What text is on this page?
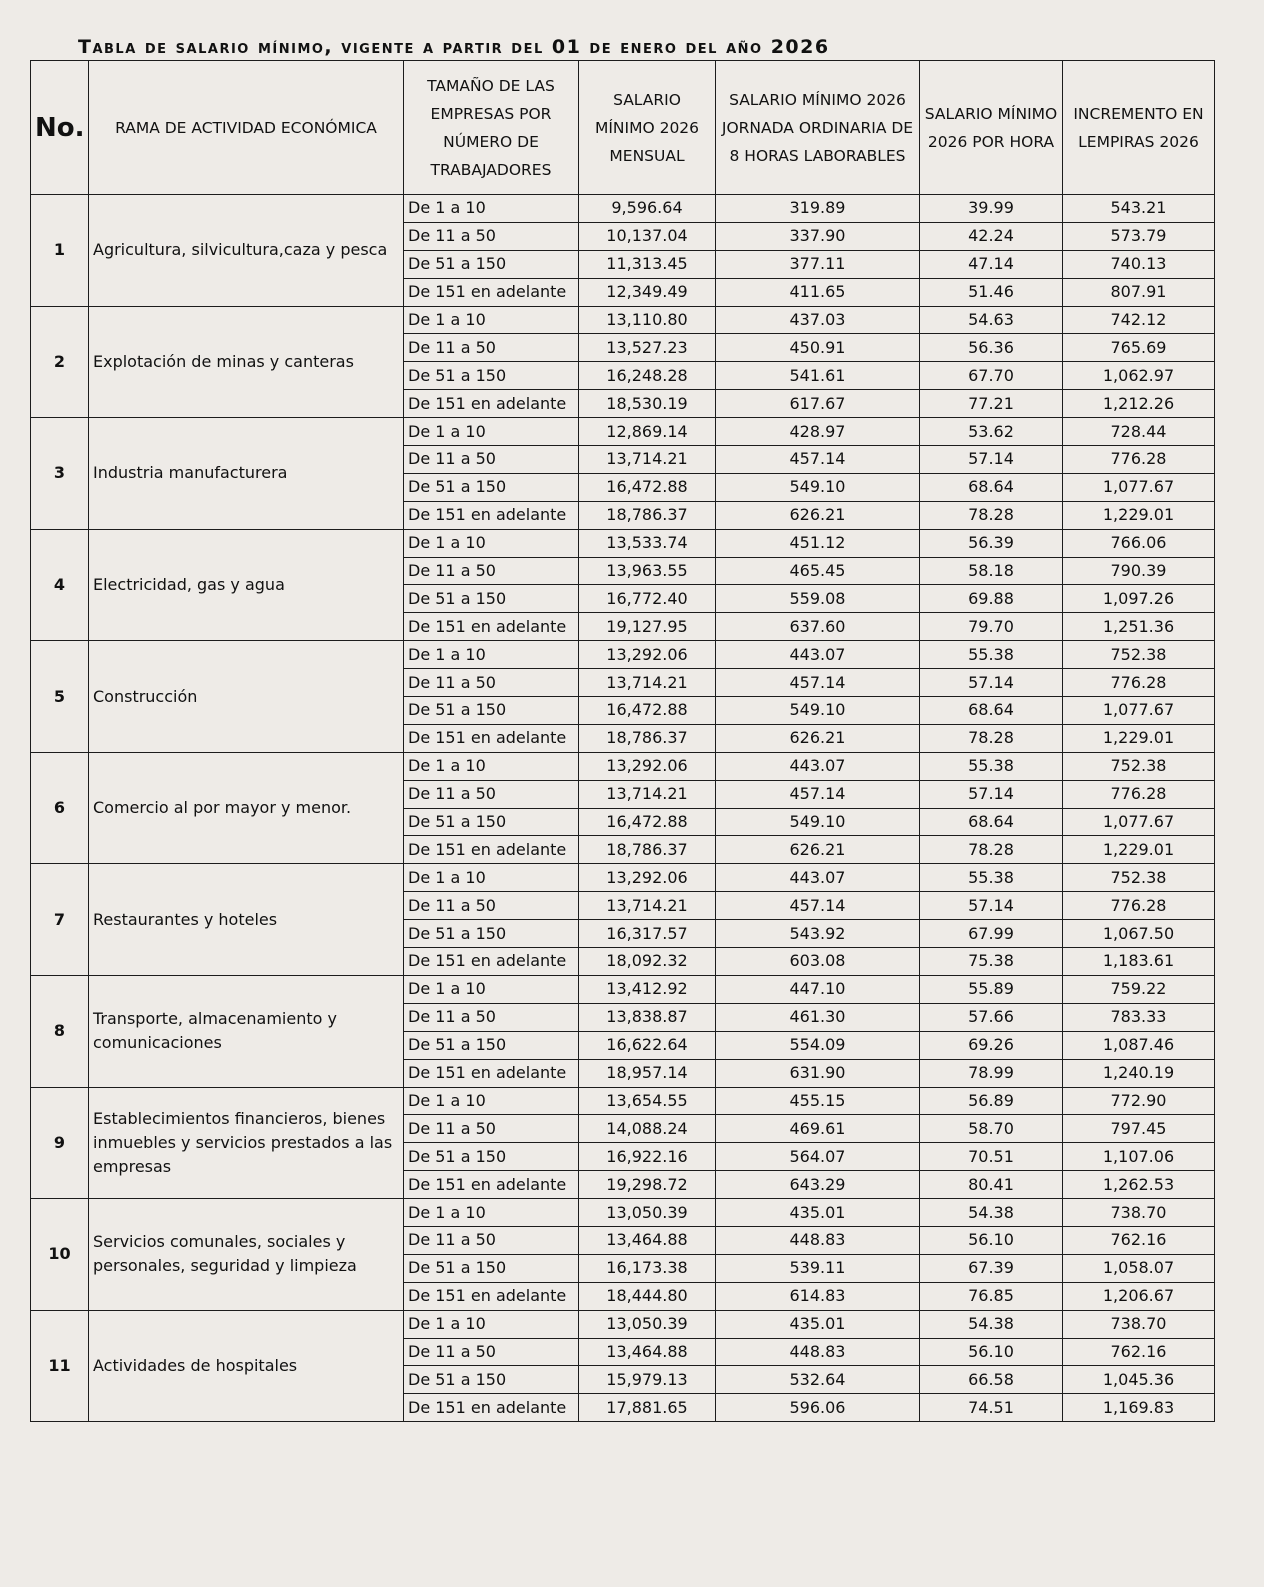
Tabla de salario mínimo, vigente a partir del 01 de enero del año 2026
No.	RAMA DE ACTIVIDAD ECONÓMICA	TAMAÑO DE LAS EMPRESAS POR NÚMERO DE TRABAJADORES	SALARIO MÍNIMO 2026 MENSUAL	SALARIO MÍNIMO 2026 JORNADA ORDINARIA DE 8 HORAS LABORABLES	SALARIO MÍNIMO 2026 POR HORA	INCREMENTO EN LEMPIRAS 2026
1	Agricultura, silvicultura,caza y pesca	De 1 a 10	9,596.64	319.89	39.99	543.21
		De 11 a 50	10,137.04	337.90	42.24	573.79
		De 51 a 150	11,313.45	377.11	47.14	740.13
		De 151 en adelante	12,349.49	411.65	51.46	807.91
2	Explotación de minas y canteras	De 1 a 10	13,110.80	437.03	54.63	742.12
		De 11 a 50	13,527.23	450.91	56.36	765.69
		De 51 a 150	16,248.28	541.61	67.70	1,062.97
		De 151 en adelante	18,530.19	617.67	77.21	1,212.26
3	Industria manufacturera	De 1 a 10	12,869.14	428.97	53.62	728.44
		De 11 a 50	13,714.21	457.14	57.14	776.28
		De 51 a 150	16,472.88	549.10	68.64	1,077.67
		De 151 en adelante	18,786.37	626.21	78.28	1,229.01
4	Electricidad, gas y agua	De 1 a 10	13,533.74	451.12	56.39	766.06
		De 11 a 50	13,963.55	465.45	58.18	790.39
		De 51 a 150	16,772.40	559.08	69.88	1,097.26
		De 151 en adelante	19,127.95	637.60	79.70	1,251.36
5	Construcción	De 1 a 10	13,292.06	443.07	55.38	752.38
		De 11 a 50	13,714.21	457.14	57.14	776.28
		De 51 a 150	16,472.88	549.10	68.64	1,077.67
		De 151 en adelante	18,786.37	626.21	78.28	1,229.01
6	Comercio al por mayor y menor.	De 1 a 10	13,292.06	443.07	55.38	752.38
		De 11 a 50	13,714.21	457.14	57.14	776.28
		De 51 a 150	16,472.88	549.10	68.64	1,077.67
		De 151 en adelante	18,786.37	626.21	78.28	1,229.01
7	Restaurantes y hoteles	De 1 a 10	13,292.06	443.07	55.38	752.38
		De 11 a 50	13,714.21	457.14	57.14	776.28
		De 51 a 150	16,317.57	543.92	67.99	1,067.50
		De 151 en adelante	18,092.32	603.08	75.38	1,183.61
8	Transporte, almacenamiento y comunicaciones	De 1 a 10	13,412.92	447.10	55.89	759.22
		De 11 a 50	13,838.87	461.30	57.66	783.33
		De 51 a 150	16,622.64	554.09	69.26	1,087.46
		De 151 en adelante	18,957.14	631.90	78.99	1,240.19
9	Establecimientos financieros, bienes inmuebles y servicios prestados a las empresas	De 1 a 10	13,654.55	455.15	56.89	772.90
		De 11 a 50	14,088.24	469.61	58.70	797.45
		De 51 a 150	16,922.16	564.07	70.51	1,107.06
		De 151 en adelante	19,298.72	643.29	80.41	1,262.53
10	Servicios comunales, sociales y personales, seguridad y limpieza	De 1 a 10	13,050.39	435.01	54.38	738.70
		De 11 a 50	13,464.88	448.83	56.10	762.16
		De 51 a 150	16,173.38	539.11	67.39	1,058.07
		De 151 en adelante	18,444.80	614.83	76.85	1,206.67
11	Actividades de hospitales	De 1 a 10	13,050.39	435.01	54.38	738.70
		De 11 a 50	13,464.88	448.83	56.10	762.16
		De 51 a 150	15,979.13	532.64	66.58	1,045.36
		De 151 en adelante	17,881.65	596.06	74.51	1,169.83
